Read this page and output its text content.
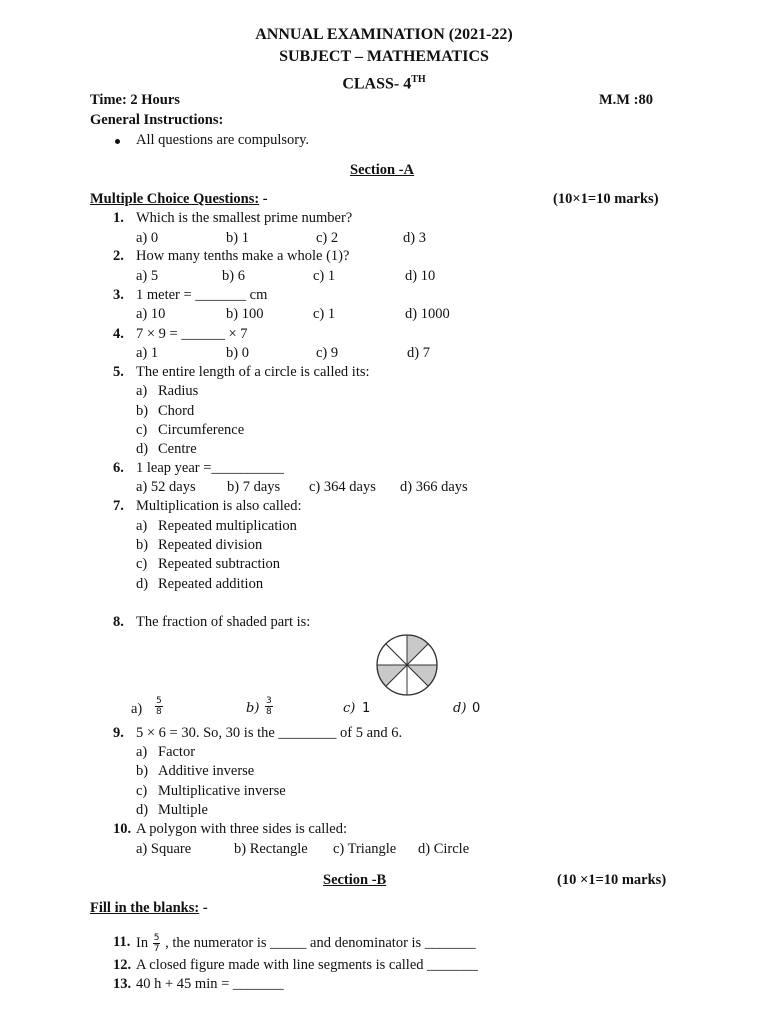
ANNUAL EXAMINATION (2021-22)
SUBJECT – MATHEMATICS
CLASS- 4TH
Time: 2 Hours	M.M :80
General Instructions:
All questions are compulsory.
Section -A
Multiple Choice Questions: -	(10×1=10 marks)
1. Which is the smallest prime number?
a) 0	b) 1	c) 2	d) 3
2. How many tenths make a whole (1)?
a) 5	b) 6	c) 1	d) 10
3. 1 meter = _______ cm
a) 10	b) 100	c) 1	d) 1000
4. 7 × 9 = ______ × 7
a) 1	b) 0	c) 9	d) 7
5. The entire length of a circle is called its:
a) Radius
b) Chord
c) Circumference
d) Centre
6. 1 leap year =__________
a) 52 days b) 7 days c) 364 days d) 366 days
7. Multiplication is also called:
a) Repeated multiplication
b) Repeated division
c) Repeated subtraction
d) Repeated addition
8. The fraction of shaded part is:
$a) \frac{5}{8}$	$b) \frac{3}{8}$	c) 1	d) 0
9. 5 × 6 = 30. So, 30 is the ________ of 5 and 6.
a) Factor
b) Additive inverse
c) Multiplicative inverse
d) Multiple
10. A polygon with three sides is called:
a) Square	b) Rectangle c) Triangle d) Circle
Section -B	(10 ×1=10 marks)
Fill in the blanks: -
11. In $\frac{5}{7}$ , the numerator is _____ and denominator is _______
12. A closed figure made with line segments is called _______
13. 40 h + 45 min = _______
